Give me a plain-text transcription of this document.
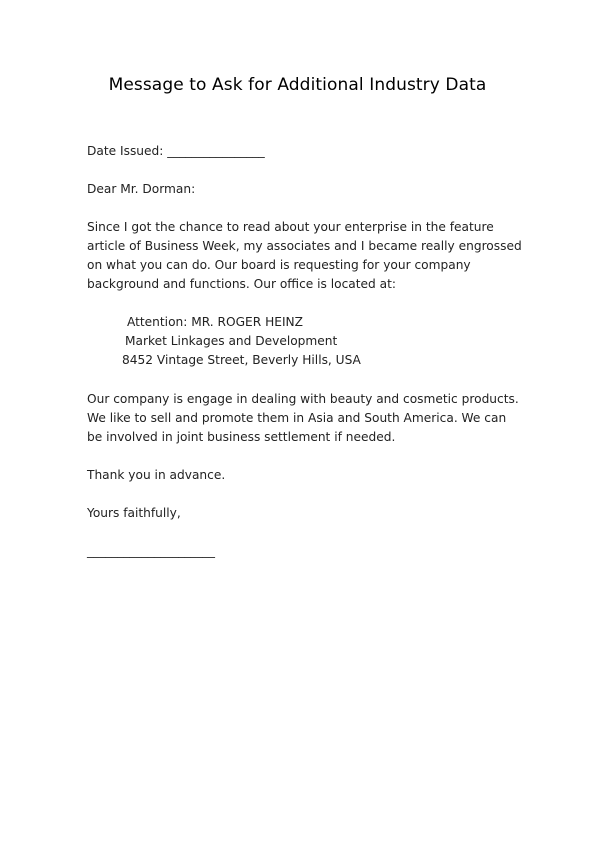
Message to Ask for Additional Industry Data
Date Issued: ________________
Dear Mr. Dorman:
Since I got the chance to read about your enterprise in the feature
article of Business Week, my associates and I became really engrossed
on what you can do. Our board is requesting for your company
background and functions. Our office is located at:
Attention: MR. ROGER HEINZ
Market Linkages and Development
8452 Vintage Street, Beverly Hills, USA
Our company is engage in dealing with beauty and cosmetic products.
We like to sell and promote them in Asia and South America. We can
be involved in joint business settlement if needed.
Thank you in advance.
Yours faithfully,
_____________________
